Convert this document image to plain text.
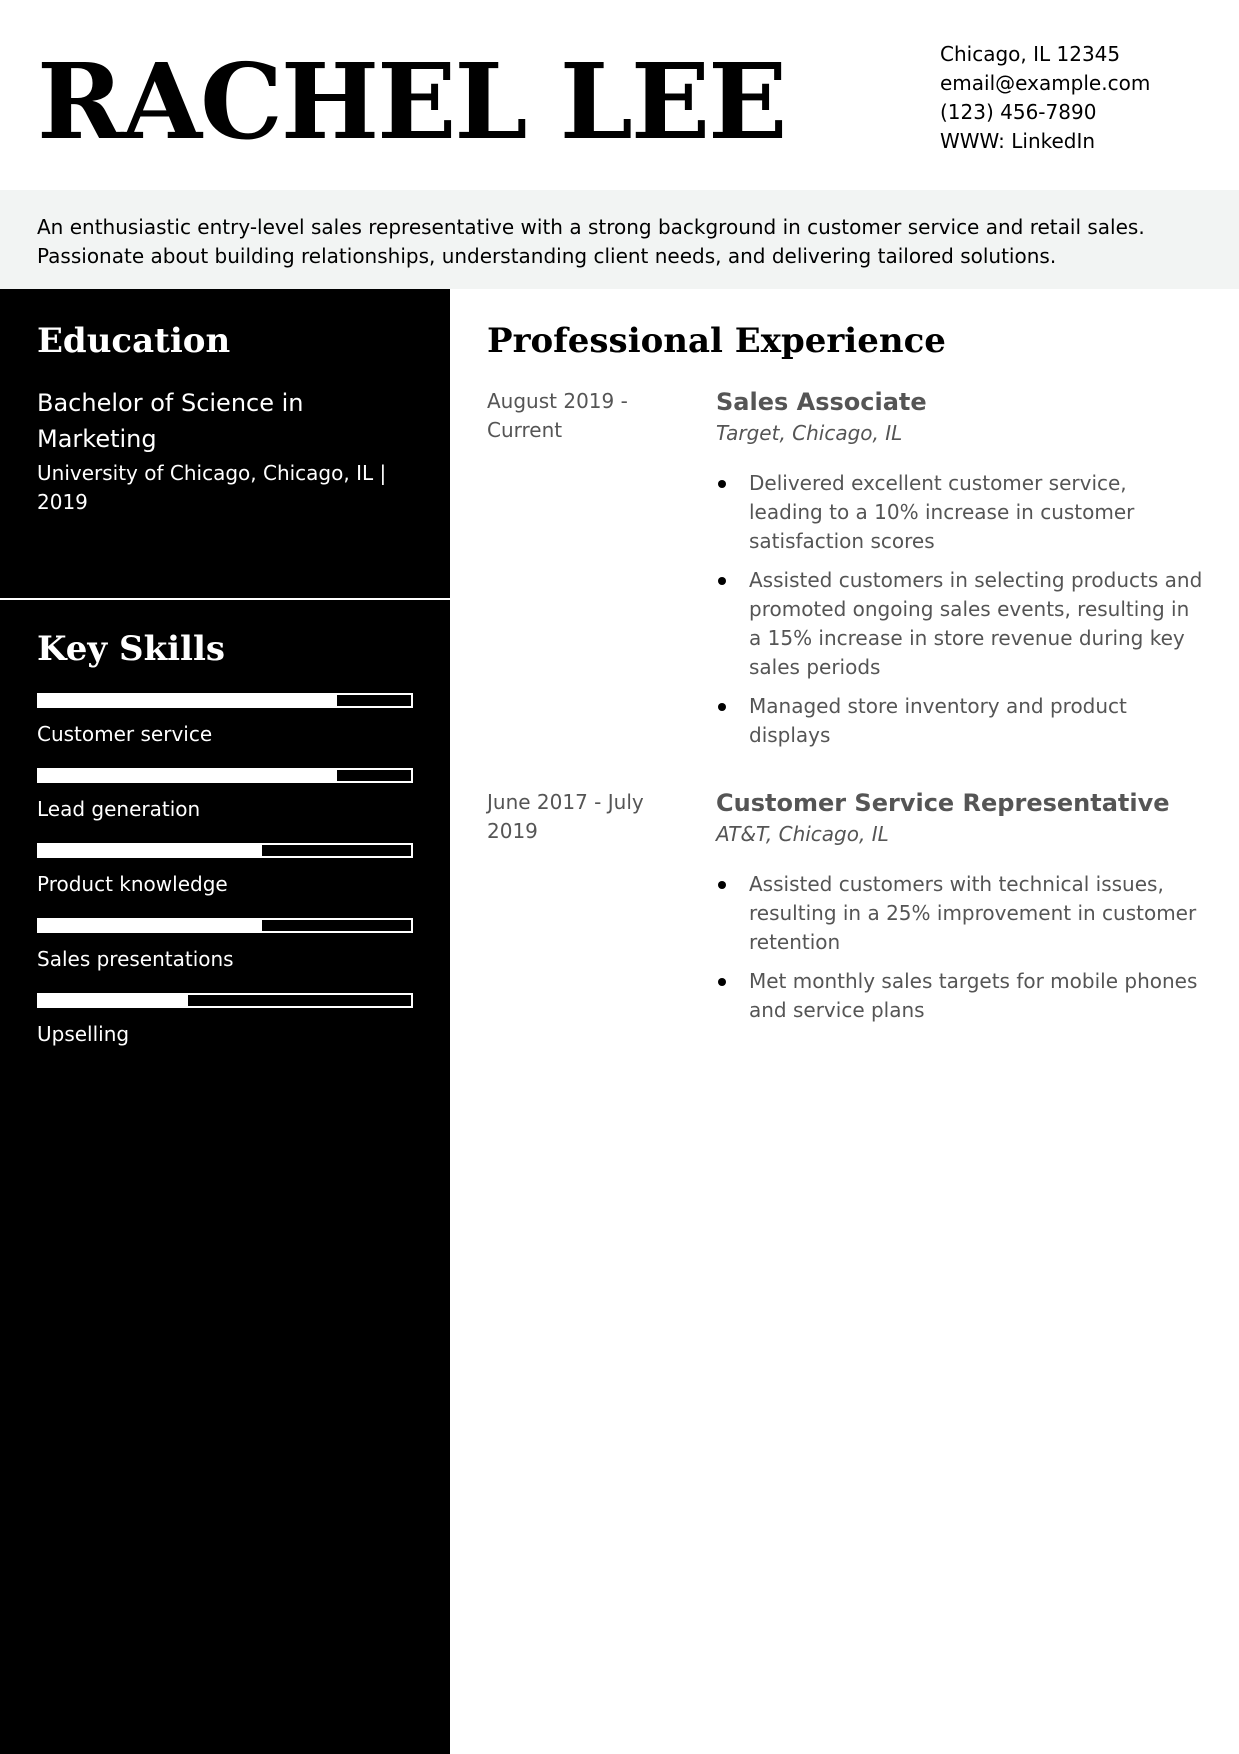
RACHEL LEE	Chicago, IL 12345
email@example.com
(123) 456-7890
WWW: LinkedIn

An enthusiastic entry-level sales representative with a strong background in customer service and retail sales.

Passionate about building relationships, understanding client needs, and delivering tailored solutions.

Education
Bachelor of Science in Marketing
University of Chicago, Chicago, IL | 2019
Key Skills
Customer service
Lead generation
Product knowledge
Sales presentations
Upselling
Professional Experience
August 2019 - Current

Sales Associate

Target, Chicago, IL

Delivered excellent customer service, leading to a 10% increase in customer satisfaction scores
Assisted customers in selecting products and promoted ongoing sales events, resulting in a 15% increase in store revenue during key sales periods
Managed store inventory and product displays
June 2017 - July 2019

Customer Service Representative

AT&T, Chicago, IL

Assisted customers with technical issues, resulting in a 25% improvement in customer retention
Met monthly sales targets for mobile phones and service plans
